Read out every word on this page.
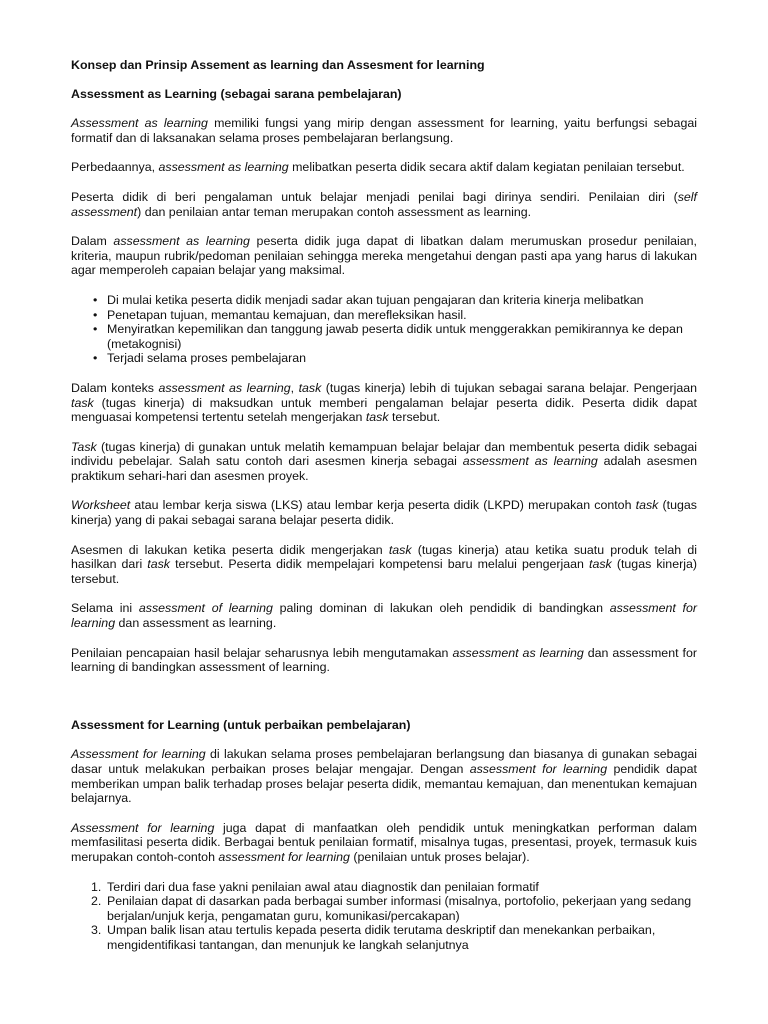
Konsep dan Prinsip Assement as learning dan Assesment for learning

Assessment as Learning (sebagai sarana pembelajaran)

Assessment as learning memiliki fungsi yang mirip dengan assessment for learning, yaitu berfungsi sebagai formatif dan di laksanakan selama proses pembelajaran berlangsung.

Perbedaannya, assessment as learning melibatkan peserta didik secara aktif dalam kegiatan penilaian tersebut.

Peserta didik di beri pengalaman untuk belajar menjadi penilai bagi dirinya sendiri. Penilaian diri (self assessment) dan penilaian antar teman merupakan contoh assessment as learning.

Dalam assessment as learning peserta didik juga dapat di libatkan dalam merumuskan prosedur penilaian, kriteria, maupun rubrik/pedoman penilaian sehingga mereka mengetahui dengan pasti apa yang harus di lakukan agar memperoleh capaian belajar yang maksimal.

• Di mulai ketika peserta didik menjadi sadar akan tujuan pengajaran dan kriteria kinerja melibatkan
• Penetapan tujuan, memantau kemajuan, dan merefleksikan hasil.
• Menyiratkan kepemilikan dan tanggung jawab peserta didik untuk menggerakkan pemikirannya ke depan (metakognisi)
• Terjadi selama proses pembelajaran

Dalam konteks assessment as learning, task (tugas kinerja) lebih di tujukan sebagai sarana belajar. Pengerjaan task (tugas kinerja) di maksudkan untuk memberi pengalaman belajar peserta didik. Peserta didik dapat menguasai kompetensi tertentu setelah mengerjakan task tersebut.

Task (tugas kinerja) di gunakan untuk melatih kemampuan belajar belajar dan membentuk peserta didik sebagai individu pebelajar. Salah satu contoh dari asesmen kinerja sebagai assessment as learning adalah asesmen praktikum sehari-hari dan asesmen proyek.

Worksheet atau lembar kerja siswa (LKS) atau lembar kerja peserta didik (LKPD) merupakan contoh task (tugas kinerja) yang di pakai sebagai sarana belajar peserta didik.

Asesmen di lakukan ketika peserta didik mengerjakan task (tugas kinerja) atau ketika suatu produk telah di hasilkan dari task tersebut. Peserta didik mempelajari kompetensi baru melalui pengerjaan task (tugas kinerja) tersebut.

Selama ini assessment of learning paling dominan di lakukan oleh pendidik di bandingkan assessment for learning dan assessment as learning.

Penilaian pencapaian hasil belajar seharusnya lebih mengutamakan assessment as learning dan assessment for learning di bandingkan assessment of learning.

Assessment for Learning (untuk perbaikan pembelajaran)

Assessment for learning di lakukan selama proses pembelajaran berlangsung dan biasanya di gunakan sebagai dasar untuk melakukan perbaikan proses belajar mengajar. Dengan assessment for learning pendidik dapat memberikan umpan balik terhadap proses belajar peserta didik, memantau kemajuan, dan menentukan kemajuan belajarnya.

Assessment for learning juga dapat di manfaatkan oleh pendidik untuk meningkatkan performan dalam memfasilitasi peserta didik. Berbagai bentuk penilaian formatif, misalnya tugas, presentasi, proyek, termasuk kuis merupakan contoh-contoh assessment for learning (penilaian untuk proses belajar).

1. Terdiri dari dua fase yakni penilaian awal atau diagnostik dan penilaian formatif
2. Penilaian dapat di dasarkan pada berbagai sumber informasi (misalnya, portofolio, pekerjaan yang sedang berjalan/unjuk kerja, pengamatan guru, komunikasi/percakapan)
3. Umpan balik lisan atau tertulis kepada peserta didik terutama deskriptif dan menekankan perbaikan, mengidentifikasi tantangan, dan menunjuk ke langkah selanjutnya
